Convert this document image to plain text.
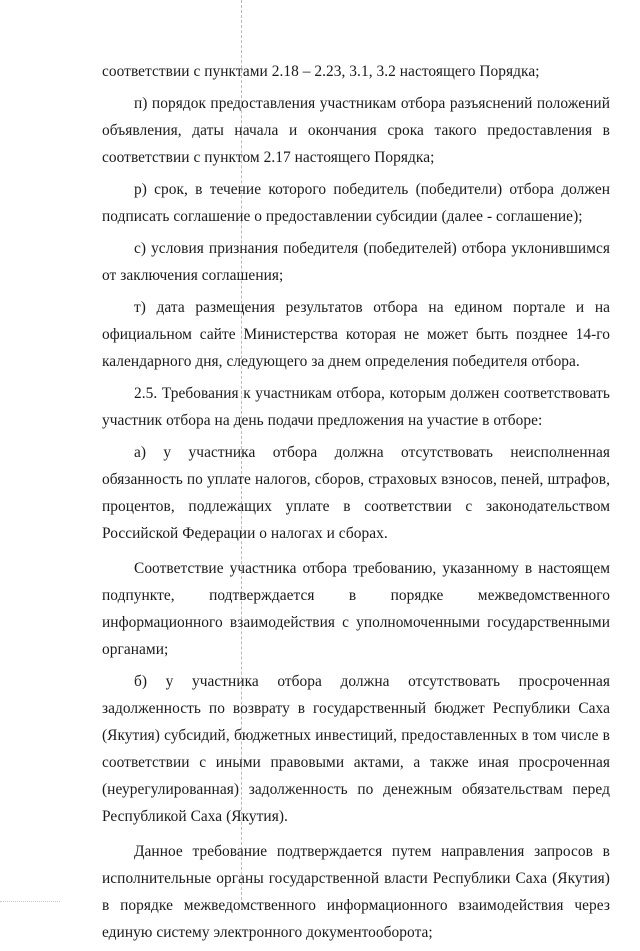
соответствии с пунктами 2.18 – 2.23, 3.1, 3.2 настоящего Порядка;

п) порядок предоставления участникам отбора разъяснений положений объявления, даты начала и окончания срока такого предоставления в соответствии с пунктом 2.17 настоящего Порядка;

р) срок, в течение которого победитель (победители) отбора должен подписать соглашение о предоставлении субсидии (далее - соглашение);

с) условия признания победителя (победителей) отбора уклонившимся от заключения соглашения;

т) дата размещения результатов отбора на едином портале и на официальном сайте Министерства которая не может быть позднее 14-го календарного дня, следующего за днем определения победителя отбора.

2.5. Требования к участникам отбора, которым должен соответствовать участник отбора на день подачи предложения на участие в отборе:

а) у участника отбора должна отсутствовать неисполненная обязанность по уплате налогов, сборов, страховых взносов, пеней, штрафов, процентов, подлежащих уплате в соответствии с законодательством Российской Федерации о налогах и сборах.

Соответствие участника отбора требованию, указанному в настоящем подпункте, подтверждается в порядке межведомственного информационного взаимодействия с уполномоченными государственными органами;

б) у участника отбора должна отсутствовать просроченная задолженность по возврату в государственный бюджет Республики Саха (Якутия) субсидий, бюджетных инвестиций, предоставленных в том числе в соответствии с иными правовыми актами, а также иная просроченная (неурегулированная) задолженность по денежным обязательствам перед Республикой Саха (Якутия).

Данное требование подтверждается путем направления запросов в исполнительные органы государственной власти Республики Саха (Якутия) в порядке межведомственного информационного взаимодействия через единую систему электронного документооборота;
